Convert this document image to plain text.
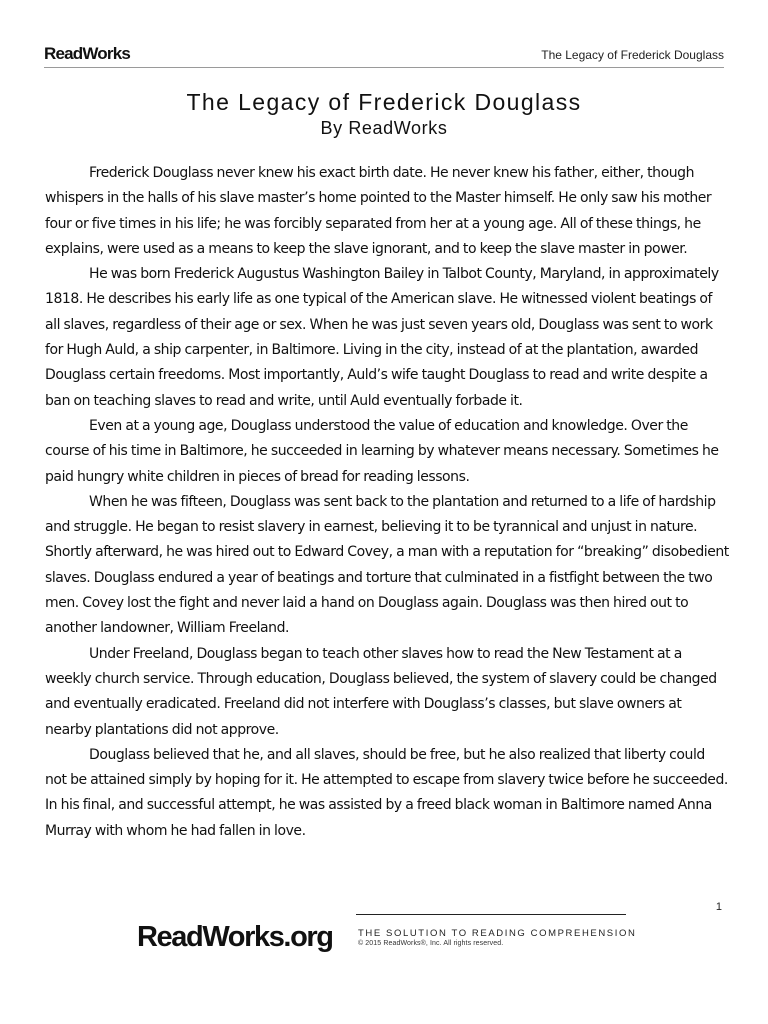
ReadWorks	The Legacy of Frederick Douglass
The Legacy of Frederick Douglass
By ReadWorks

Frederick Douglass never knew his exact birth date. He never knew his father, either, though whispers in the halls of his slave master’s home pointed to the Master himself. He only saw his mother four or five times in his life; he was forcibly separated from her at a young age. All of these things, he explains, were used as a means to keep the slave ignorant, and to keep the slave master in power.

He was born Frederick Augustus Washington Bailey in Talbot County, Maryland, in approximately 1818. He describes his early life as one typical of the American slave. He witnessed violent beatings of all slaves, regardless of their age or sex. When he was just seven years old, Douglass was sent to work for Hugh Auld, a ship carpenter, in Baltimore. Living in the city, instead of at the plantation, awarded Douglass certain freedoms. Most importantly, Auld’s wife taught Douglass to read and write despite a ban on teaching slaves to read and write, until Auld eventually forbade it.

Even at a young age, Douglass understood the value of education and knowledge. Over the course of his time in Baltimore, he succeeded in learning by whatever means necessary. Sometimes he paid hungry white children in pieces of bread for reading lessons.

When he was fifteen, Douglass was sent back to the plantation and returned to a life of hardship and struggle. He began to resist slavery in earnest, believing it to be tyrannical and unjust in nature. Shortly afterward, he was hired out to Edward Covey, a man with a reputation for “breaking” disobedient slaves. Douglass endured a year of beatings and torture that culminated in a fistfight between the two men. Covey lost the fight and never laid a hand on Douglass again. Douglass was then hired out to another landowner, William Freeland.

Under Freeland, Douglass began to teach other slaves how to read the New Testament at a weekly church service. Through education, Douglass believed, the system of slavery could be changed and eventually eradicated. Freeland did not interfere with Douglass’s classes, but slave owners at nearby plantations did not approve.

Douglass believed that he, and all slaves, should be free, but he also realized that liberty could not be attained simply by hoping for it. He attempted to escape from slavery twice before he succeeded. In his final, and successful attempt, he was assisted by a freed black woman in Baltimore named Anna Murray with whom he had fallen in love.

1
ReadWorks.org	THE SOLUTION TO READING COMPREHENSION
© 2015 ReadWorks®, Inc. All rights reserved.
